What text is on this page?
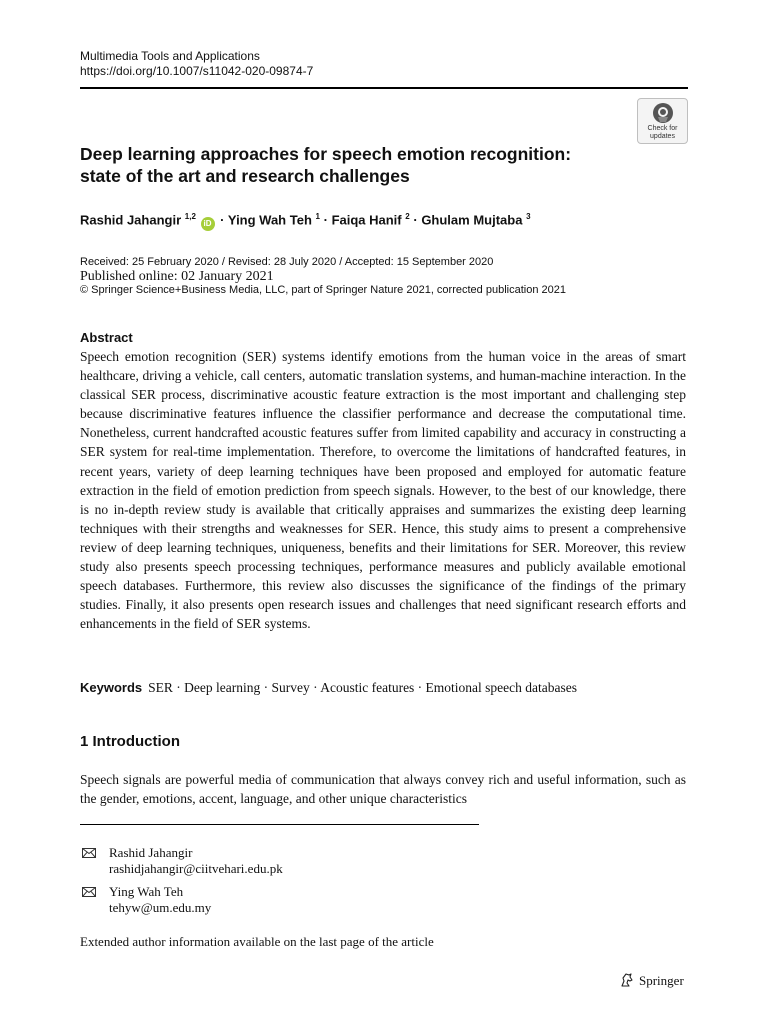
Multimedia Tools and Applications
https://doi.org/10.1007/s11042-020-09874-7
Check for
updates
Deep learning approaches for speech emotion recognition: state of the art and research challenges
Rashid Jahangir $^{1,2}$ iD · Ying Wah Teh $^1$ · Faiqa Hanif $^2$ · Ghulam Mujtaba $^3$
Received: 25 February 2020 / Revised: 28 July 2020 / Accepted: 15 September 2020
Published online: 02 January 2021
© Springer Science+Business Media, LLC, part of Springer Nature 2021, corrected publication 2021
Abstract

Speech emotion recognition (SER) systems identify emotions from the human voice in the areas of smart healthcare, driving a vehicle, call centers, automatic translation systems, and human-machine interaction. In the classical SER process, discriminative acoustic feature extraction is the most important and challenging step because discriminative features influence the classifier performance and decrease the computational time. Nonetheless, current handcrafted acoustic features suffer from limited capability and accuracy in constructing a SER system for real-time implementation. Therefore, to overcome the limitations of handcrafted features, in recent years, variety of deep learning techniques have been proposed and employed for automatic feature extraction in the field of emotion prediction from speech signals. However, to the best of our knowledge, there is no in-depth review study is available that critically appraises and summarizes the existing deep learning techniques with their strengths and weaknesses for SER. Hence, this study aims to present a comprehensive review of deep learning techniques, uniqueness, benefits and their limitations for SER. Moreover, this review study also presents speech processing techniques, performance measures and publicly available emotional speech databases. Furthermore, this review also discusses the significance of the findings of the primary studies. Finally, it also presents open research issues and challenges that need significant research efforts and enhancements in the field of SER systems.

Keywords SER · Deep learning · Survey · Acoustic features · Emotional speech databases
1 Introduction

Speech signals are powerful media of communication that always convey rich and useful information, such as the gender, emotions, accent, language, and other unique characteristics

Rashid Jahangir
rashidjahangir@ciitvehari.edu.pk
Ying Wah Teh
tehyw@um.edu.my
Extended author information available on the last page of the article
Springer
